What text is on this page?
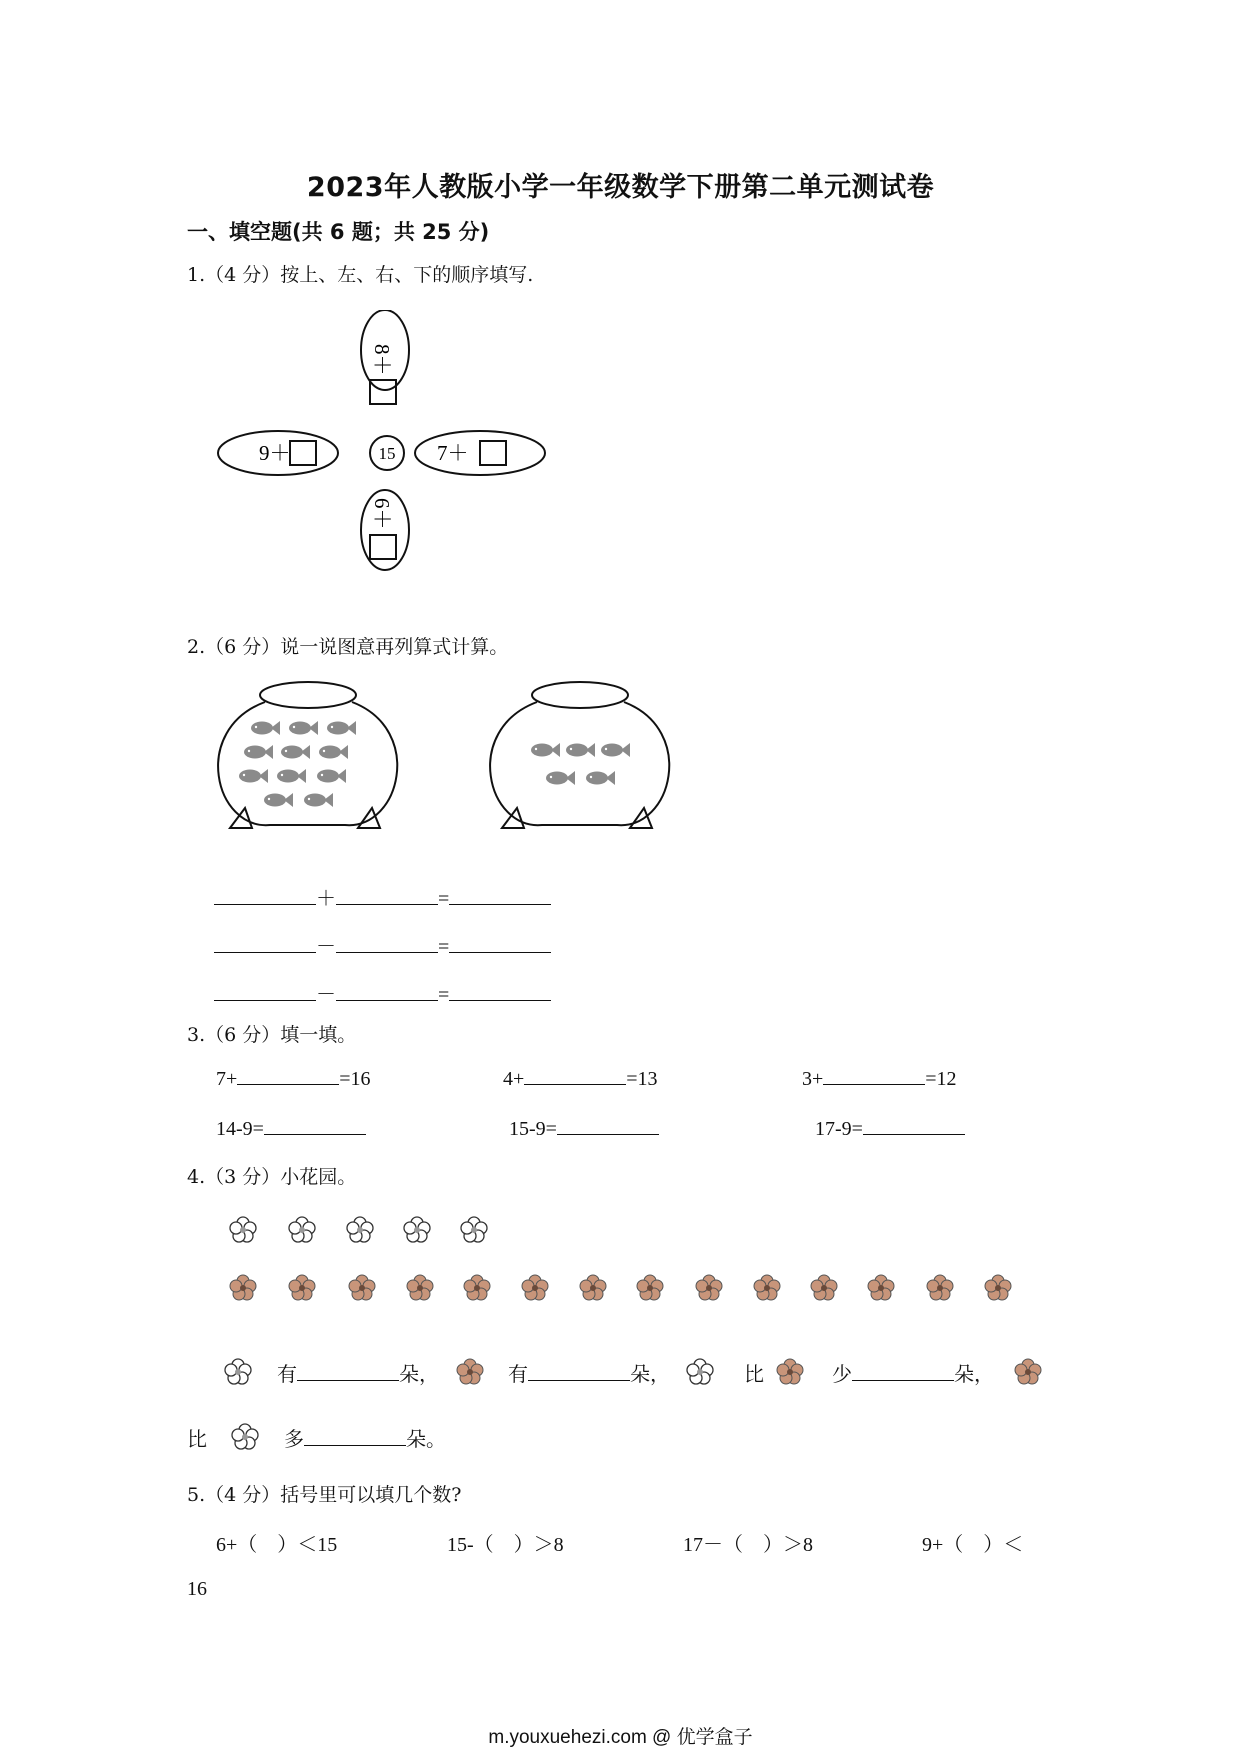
2023年人教版小学一年级数学下册第二单元测试卷
一、填空题(共 6 题；共 25 分)
1.（4 分）按上、左、右、下的顺序填写.
15
9＋	7＋
8＋
6＋
2.（6 分）说一说图意再列算式计算。
＋	=
－	=
－	=
3.（6 分）填一填。
7+	=16	4+	=13	3+	=12
14-9=	15-9=	17-9=
4.（3 分）小花园。
有	朵，	有	朵，	比	少	朵，
比	多	朵。
5.（4 分）括号里可以填几个数?
6+（　）＜15	15-（　）＞8	17－（　）＞8	9+（　）＜
16
m.youxuehezi.com @ 优学盒子
